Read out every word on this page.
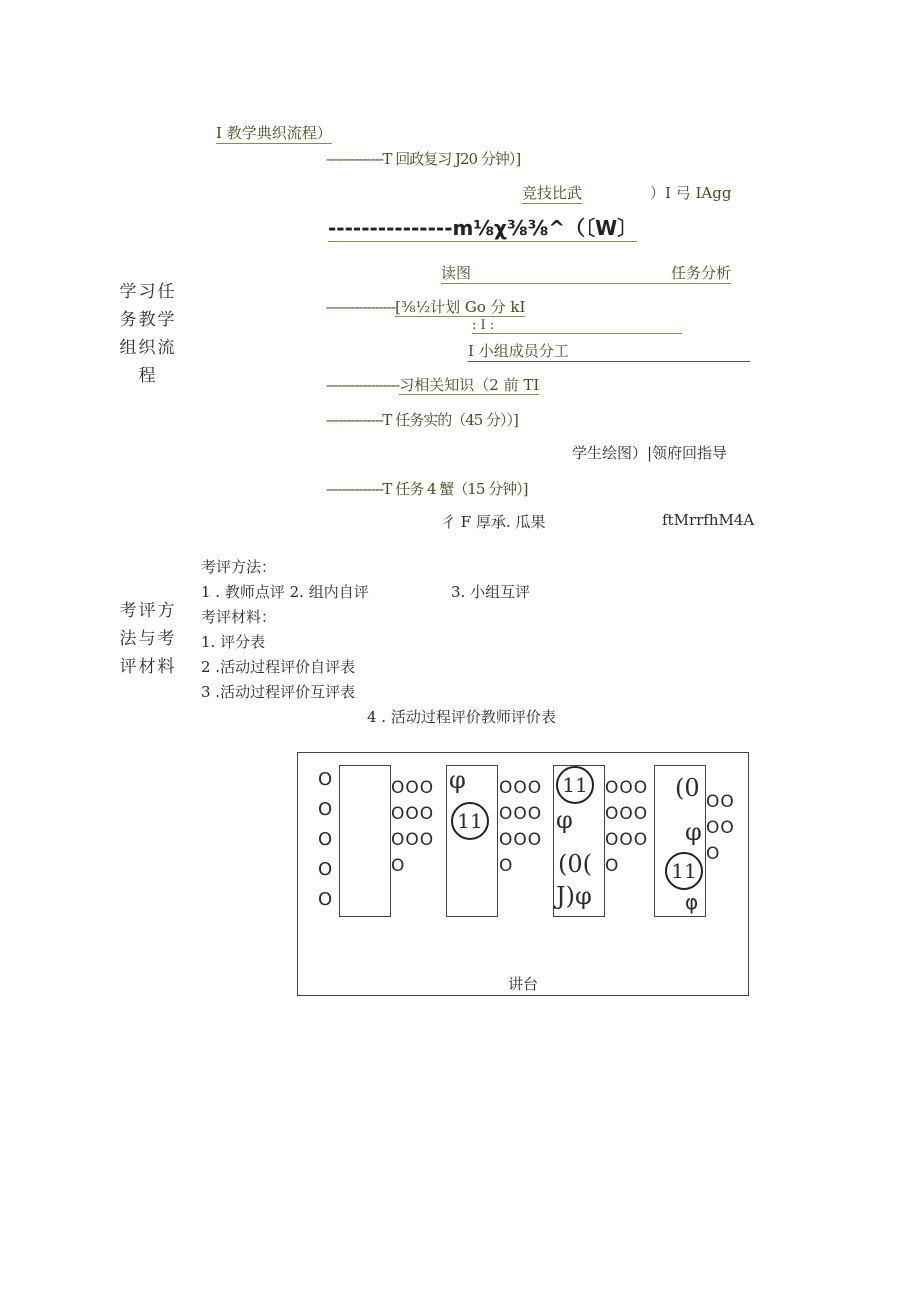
I 教学典织流程）
--------------T 回政复习 J20 分钟）]
竞技比武	）I 弓 IAgg
---------------m⅛χ⅜⅜^（〔W〕
读图	任务分析
-----------------[⅜½计划 Go 分 kI
: I :
I 小组成员分工
------------------习相关知识（2 前 TI
--------------T 任务实的（45 分））]
学生绘图）|领府回指导
--------------T 任务 4 蟹（15 分钟）]
彳 F 厚承. 瓜果	ftMrrfhM4A
学习任
务教学
组织流
程
考评方
法与考
评材料
考评方法：
1 . 教师点评 2. 组内自评	3. 小组互评
考评材料：
1. 评分表
2 .活动过程评价自评表
3 .活动过程评价互评表
4 . 活动过程评价教师评价表
O
O
O
O
O
OOO
OOO
OOO
O
φ
11
OOO
OOO
OOO
O
11
φ
(0(
J)φ
OOO
OOO
OOO
O
(0
φ
11
φ
OO
OO
O
讲台
